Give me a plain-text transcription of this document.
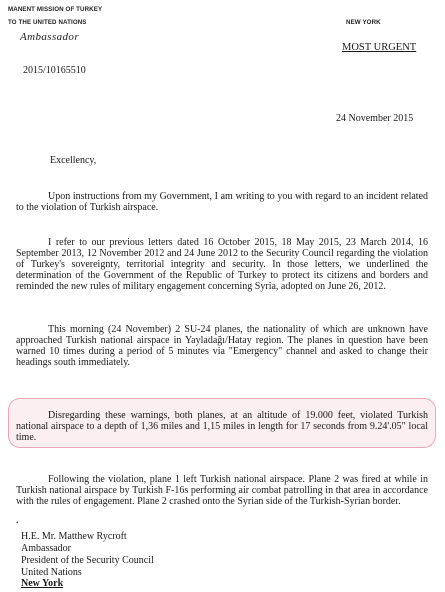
MANENT MISSION OF TURKEY
TO THE UNITED NATIONS	NEW YORK
Ambassador
MOST URGENT
2015/10165510
24 November 2015
Excellency,

Upon instructions from my Government, I am writing to you with regard to an incident related to the violation of Turkish airspace.

I refer to our previous letters dated 16 October 2015, 18 May 2015, 23 March 2014, 16 September 2013, 12 November 2012 and 24 June 2012 to the Security Council regarding the violation of Turkey's sovereignty, territorial integrity and security. In those letters, we underlined the determination of the Government of the Republic of Turkey to protect its citizens and borders and reminded the new rules of military engagement concerning Syria, adopted on June 26, 2012.

This morning (24 November) 2 SU-24 planes, the nationality of which are unknown have approached Turkish national airspace in Yayladağı/Hatay region. The planes in question have been warned 10 times during a period of 5 minutes via "Emergency" channel and asked to change their headings south immediately.

Disregarding these warnings, both planes, at an altitude of 19.000 feet, violated Turkish national airspace to a depth of 1,36 miles and 1,15 miles in length for 17 seconds from 9.24'.05" local time.

Following the violation, plane 1 left Turkish national airspace. Plane 2 was fired at while in Turkish national airspace by Turkish F-16s performing air combat patrolling in that area in accordance with the rules of engagement. Plane 2 crashed onto the Syrian side of the Turkish-Syrian border.

•
H.E. Mr. Matthew Rycroft
Ambassador
President of the Security Council
United Nations
New York
